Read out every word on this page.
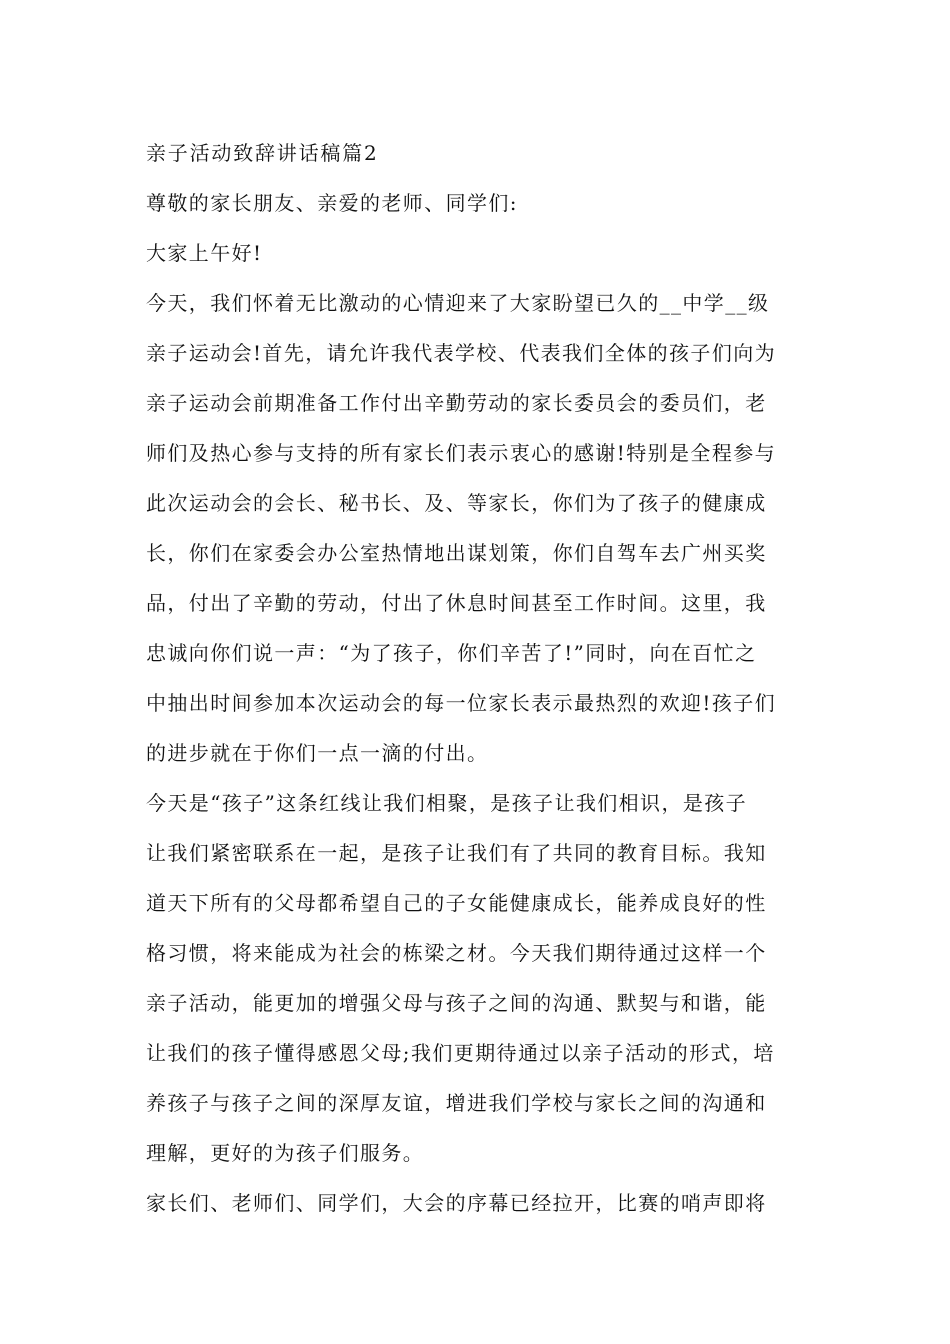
亲子活动致辞讲话稿篇2
尊敬的家长朋友、亲爱的老师、同学们:
大家上午好!
今天，我们怀着无比激动的心情迎来了大家盼望已久的__中学__级
亲子运动会!首先，请允许我代表学校、代表我们全体的孩子们向为
亲子运动会前期准备工作付出辛勤劳动的家长委员会的委员们，老
师们及热心参与支持的所有家长们表示衷心的感谢!特别是全程参与
此次运动会的会长、秘书长、及、等家长，你们为了孩子的健康成
长，你们在家委会办公室热情地出谋划策，你们自驾车去广州买奖
品，付出了辛勤的劳动，付出了休息时间甚至工作时间。这里，我
忠诚向你们说一声：“为了孩子，你们辛苦了!”同时，向在百忙之
中抽出时间参加本次运动会的每一位家长表示最热烈的欢迎!孩子们
的进步就在于你们一点一滴的付出。
今天是“孩子”这条红线让我们相聚，是孩子让我们相识，是孩子
让我们紧密联系在一起，是孩子让我们有了共同的教育目标。我知
道天下所有的父母都希望自己的子女能健康成长，能养成良好的性
格习惯，将来能成为社会的栋梁之材。今天我们期待通过这样一个
亲子活动，能更加的增强父母与孩子之间的沟通、默契与和谐，能
让我们的孩子懂得感恩父母;我们更期待通过以亲子活动的形式，培
养孩子与孩子之间的深厚友谊，增进我们学校与家长之间的沟通和
理解，更好的为孩子们服务。
家长们、老师们、同学们，大会的序幕已经拉开，比赛的哨声即将
